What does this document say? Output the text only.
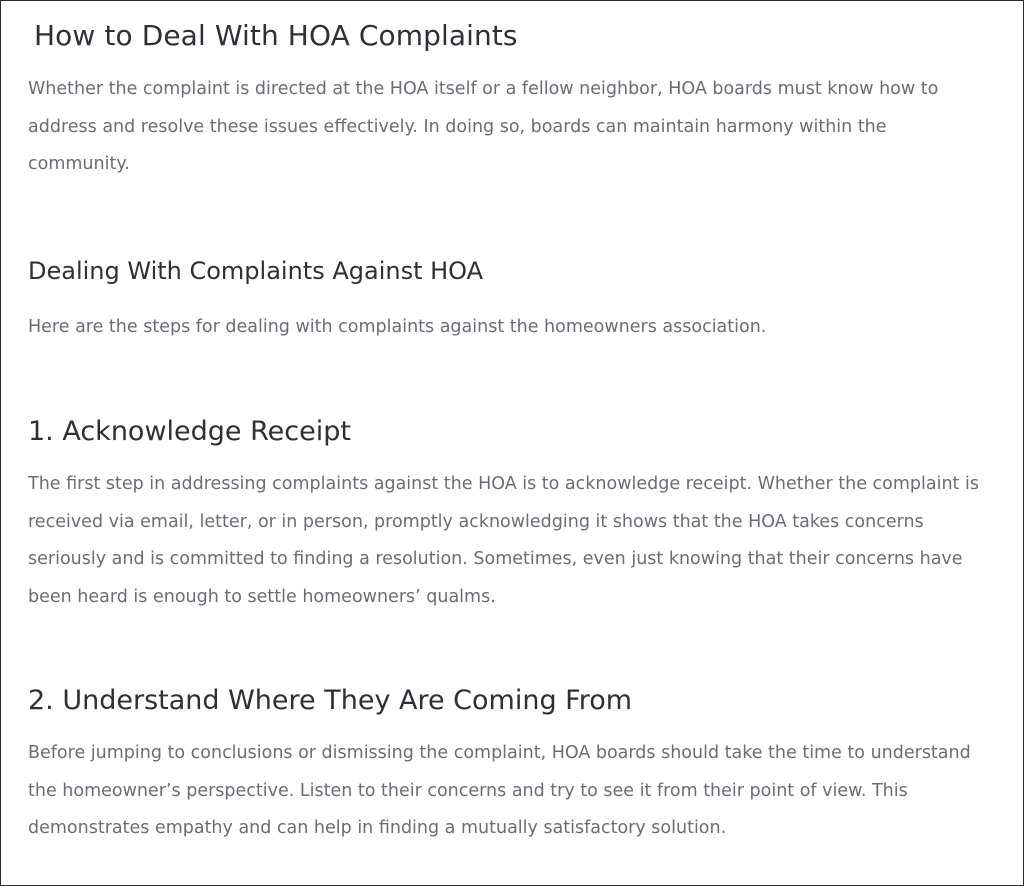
How to Deal With HOA Complaints

Whether the complaint is directed at the HOA itself or a fellow neighbor, HOA boards must know how to address and resolve these issues effectively. In doing so, boards can maintain harmony within the community.

Dealing With Complaints Against HOA

Here are the steps for dealing with complaints against the homeowners association.

1. Acknowledge Receipt

The first step in addressing complaints against the HOA is to acknowledge receipt. Whether the complaint is received via email, letter, or in person, promptly acknowledging it shows that the HOA takes concerns seriously and is committed to finding a resolution. Sometimes, even just knowing that their concerns have been heard is enough to settle homeowners’ qualms.

2. Understand Where They Are Coming From

Before jumping to conclusions or dismissing the complaint, HOA boards should take the time to understand the homeowner’s perspective. Listen to their concerns and try to see it from their point of view. This demonstrates empathy and can help in finding a mutually satisfactory solution.
